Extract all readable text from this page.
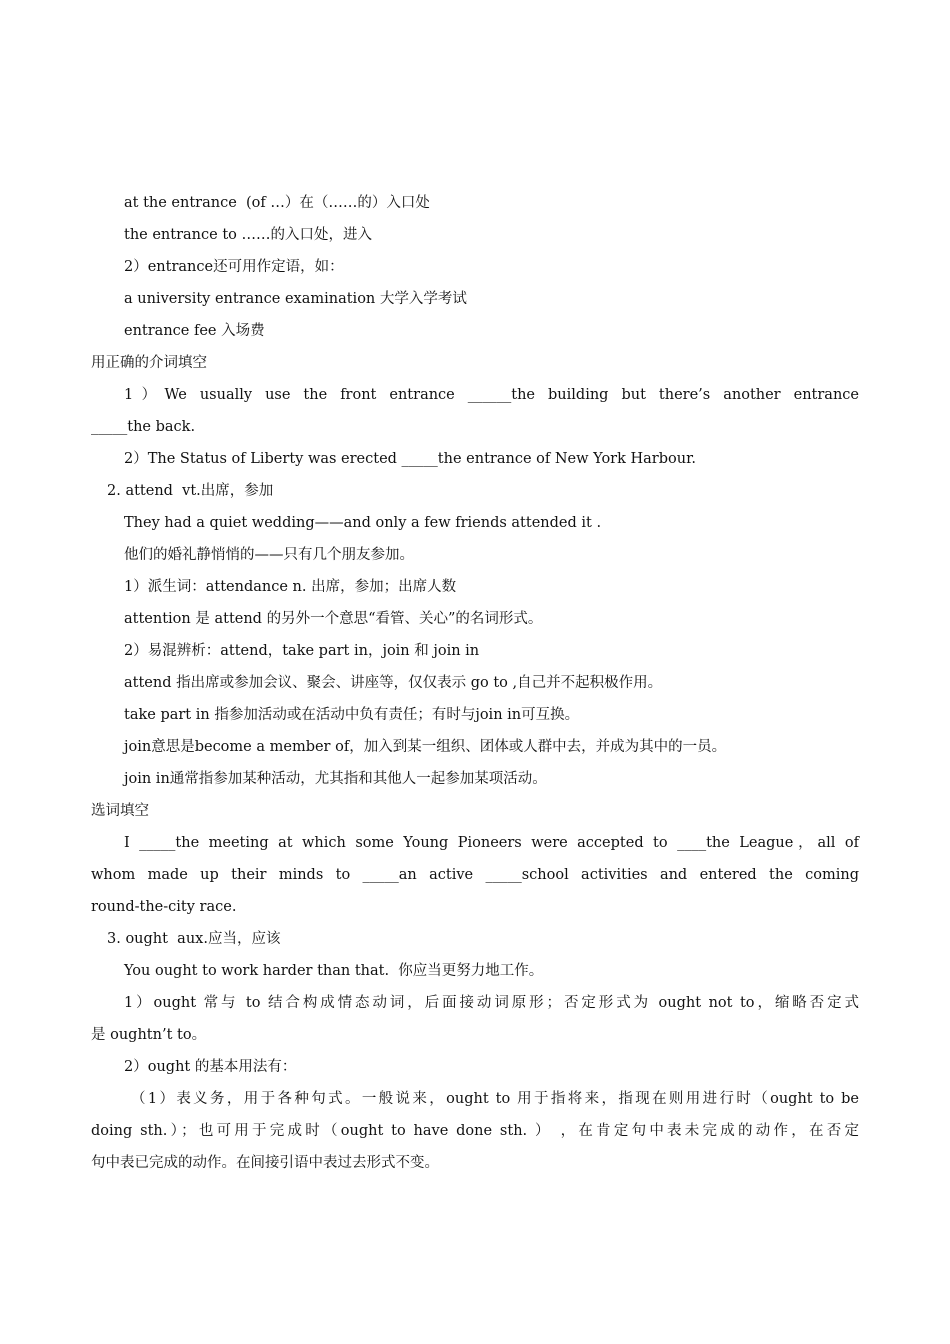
at the entrance  (of …）在（……的）入口处

the entrance to ……的入口处，进入

2）entrance还可用作定语，如：

a university entrance examination 大学入学考试

entrance fee 入场费

用正确的介词填空

1）We usually use the front entrance ______the building but there’s another entrance

_____the back.

2）The Status of Liberty was erected _____the entrance of New York Harbour.

2. attend  vt.出席，参加

They had a quiet wedding——and only a few friends attended it .

他们的婚礼静悄悄的——只有几个朋友参加。

1）派生词：attendance n. 出席，参加；出席人数

attention 是 attend 的另外一个意思“看管、关心”的名词形式。

2）易混辨析：attend，take part in，join 和 join in

attend 指出席或参加会议、聚会、讲座等，仅仅表示 go to ,自己并不起积极作用。

take part in 指参加活动或在活动中负有责任；有时与join in可互换。

join意思是become a member of，加入到某一组织、团体或人群中去，并成为其中的一员。

join in通常指参加某种活动，尤其指和其他人一起参加某项活动。

选词填空

I _____the meeting at which some Young Pioneers were accepted to ____the League，all of

whom made up their minds to _____an active _____school activities and entered the coming

round-the-city race.

3. ought  aux.应当，应该

You ought to work harder than that.  你应当更努力地工作。

1）ought 常与 to 结合构成情态动词，后面接动词原形；否定形式为 ought not to，缩略否定式

是 oughtn’t to。

2）ought 的基本用法有：

（1）表义务，用于各种句式。一般说来，ought to 用于指将来，指现在则用进行时（ought to be

doing sth.）；也可用于完成时（ought to have done sth. ） ，在肯定句中表未完成的动作，在否定

句中表已完成的动作。在间接引语中表过去形式不变。
